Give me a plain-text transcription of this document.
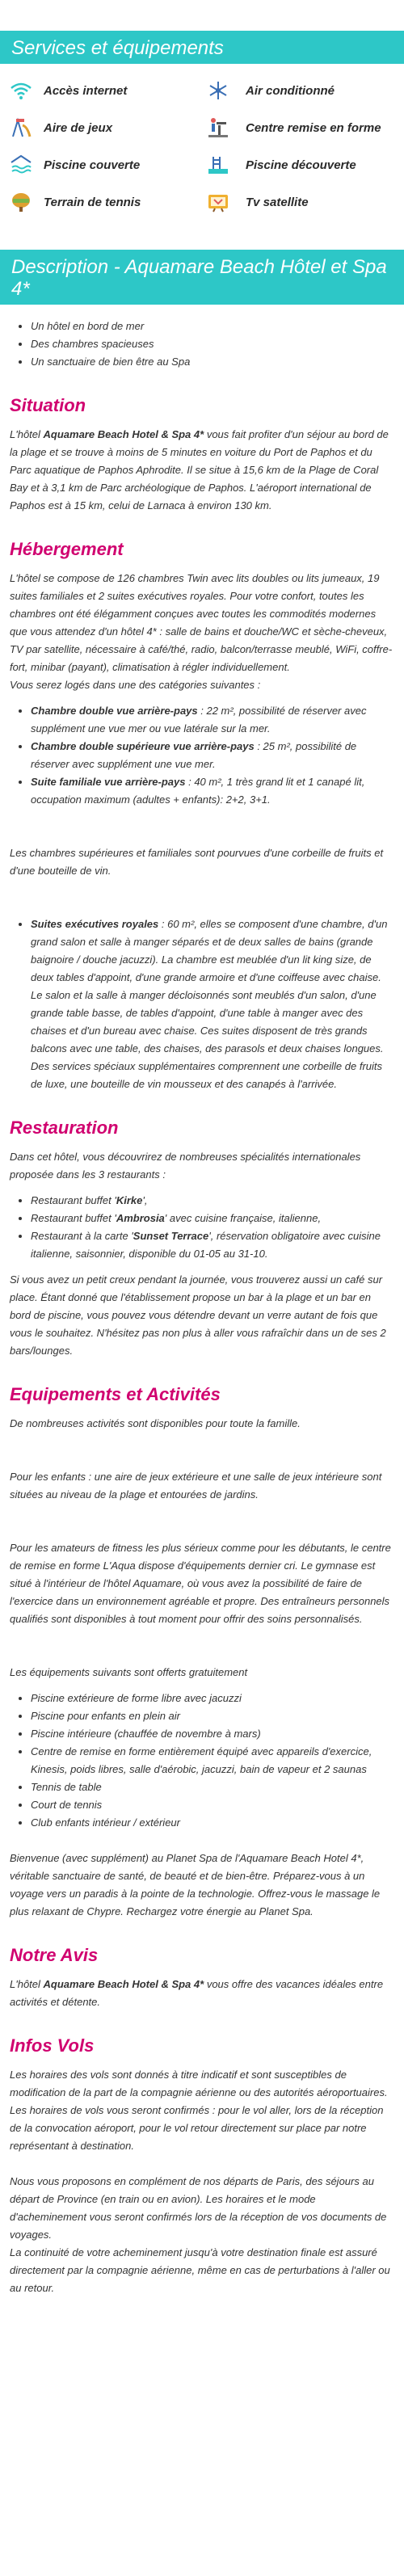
Services et équipements
Accès internet	Air conditionné
Aire de jeux	Centre remise en forme
Piscine couverte	Piscine découverte
Terrain de tennis	Tv satellite
Description - Aquamare Beach Hôtel et Spa 4*
• Un hôtel en bord de mer
• Des chambres spacieuses
• Un sanctuaire de bien être au Spa
Situation

L'hôtel Aquamare Beach Hotel & Spa 4* vous fait profiter d'un séjour au bord de la plage et se trouve à moins de 5 minutes en voiture du Port de Paphos et du Parc aquatique de Paphos Aphrodite. Il se situe à 15,6 km de la Plage de Coral Bay et à 3,1 km de Parc archéologique de Paphos. L'aéroport international de Paphos est à 15 km, celui de Larnaca à environ 130 km.

Hébergement

L'hôtel se compose de 126 chambres Twin avec lits doubles ou lits jumeaux, 19 suites familiales et 2 suites exécutives royales. Pour votre confort, toutes les chambres ont été élégamment conçues avec toutes les commodités modernes que vous attendez d'un hôtel 4* : salle de bains et douche/WC et sèche-cheveux, TV par satellite, nécessaire à café/thé, radio, balcon/terrasse meublé, WiFi, coffre-fort, minibar (payant), climatisation à régler individuellement.

Vous serez logés dans une des catégories suivantes :

• Chambre double vue arrière-pays : 22 m², possibilité de réserver avec supplément une vue mer ou vue latérale sur la mer.
• Chambre double supérieure vue arrière-pays : 25 m², possibilité de réserver avec supplément une vue mer.
• Suite familiale vue arrière-pays : 40 m², 1 très grand lit et 1 canapé lit, occupation maximum (adultes + enfants): 2+2, 3+1.

Les chambres supérieures et familiales sont pourvues d'une corbeille de fruits et d'une bouteille de vin.

• Suites exécutives royales : 60 m², elles se composent d'une chambre, d'un grand salon et salle à manger séparés et de deux salles de bains (grande baignoire / douche jacuzzi). La chambre est meublée d'un lit king size, de deux tables d'appoint, d'une grande armoire et d'une coiffeuse avec chaise. Le salon et la salle à manger décloisonnés sont meublés d'un salon, d'une grande table basse, de tables d'appoint, d'une table à manger avec des chaises et d'un bureau avec chaise. Ces suites disposent de très grands balcons avec une table, des chaises, des parasols et deux chaises longues. Des services spéciaux supplémentaires comprennent une corbeille de fruits de luxe, une bouteille de vin mousseux et des canapés à l'arrivée.
Restauration

Dans cet hôtel, vous découvrirez de nombreuses spécialités internationales proposée dans les 3 restaurants :

• Restaurant buffet 'Kirke',
• Restaurant buffet 'Ambrosia' avec cuisine française, italienne,
• Restaurant à la carte 'Sunset Terrace', réservation obligatoire avec cuisine italienne, saisonnier, disponible du 01-05 au 31-10.

Si vous avez un petit creux pendant la journée, vous trouverez aussi un café sur place. Étant donné que l'établissement propose un bar à la plage et un bar en bord de piscine, vous pouvez vous détendre devant un verre autant de fois que vous le souhaitez. N'hésitez pas non plus à aller vous rafraîchir dans un de ses 2 bars/lounges.

Equipements et Activités

De nombreuses activités sont disponibles pour toute la famille.

Pour les enfants : une aire de jeux extérieure et une salle de jeux intérieure sont situées au niveau de la plage et entourées de jardins.

Pour les amateurs de fitness les plus sérieux comme pour les débutants, le centre de remise en forme L'Aqua dispose d'équipements dernier cri. Le gymnase est situé à l'intérieur de l'hôtel Aquamare, où vous avez la possibilité de faire de l'exercice dans un environnement agréable et propre. Des entraîneurs personnels qualifiés sont disponibles à tout moment pour offrir des soins personnalisés.

Les équipements suivants sont offerts gratuitement

• Piscine extérieure de forme libre avec jacuzzi
• Piscine pour enfants en plein air
• Piscine intérieure (chauffée de novembre à mars)
• Centre de remise en forme entièrement équipé avec appareils d'exercice, Kinesis, poids libres, salle d'aérobic, jacuzzi, bain de vapeur et 2 saunas
• Tennis de table
• Court de tennis
• Club enfants intérieur / extérieur

Bienvenue (avec supplément) au Planet Spa de l'Aquamare Beach Hotel 4*, véritable sanctuaire de santé, de beauté et de bien-être. Préparez-vous à un voyage vers un paradis à la pointe de la technologie. Offrez-vous le massage le plus relaxant de Chypre. Rechargez votre énergie au Planet Spa.

Notre Avis

L'hôtel Aquamare Beach Hotel & Spa 4* vous offre des vacances idéales entre activités et détente.

Infos Vols

Les horaires des vols sont donnés à titre indicatif et sont susceptibles de modification de la part de la compagnie aérienne ou des autorités aéroportuaires.

Les horaires de vols vous seront confirmés : pour le vol aller, lors de la réception de la convocation aéroport, pour le vol retour directement sur place par notre représentant à destination.

Nous vous proposons en complément de nos départs de Paris, des séjours au départ de Province (en train ou en avion). Les horaires et le mode d'acheminement vous seront confirmés lors de la réception de vos documents de voyages.

La continuité de votre acheminement jusqu'à votre destination finale est assuré directement par la compagnie aérienne, même en cas de perturbations à l'aller ou au retour.
